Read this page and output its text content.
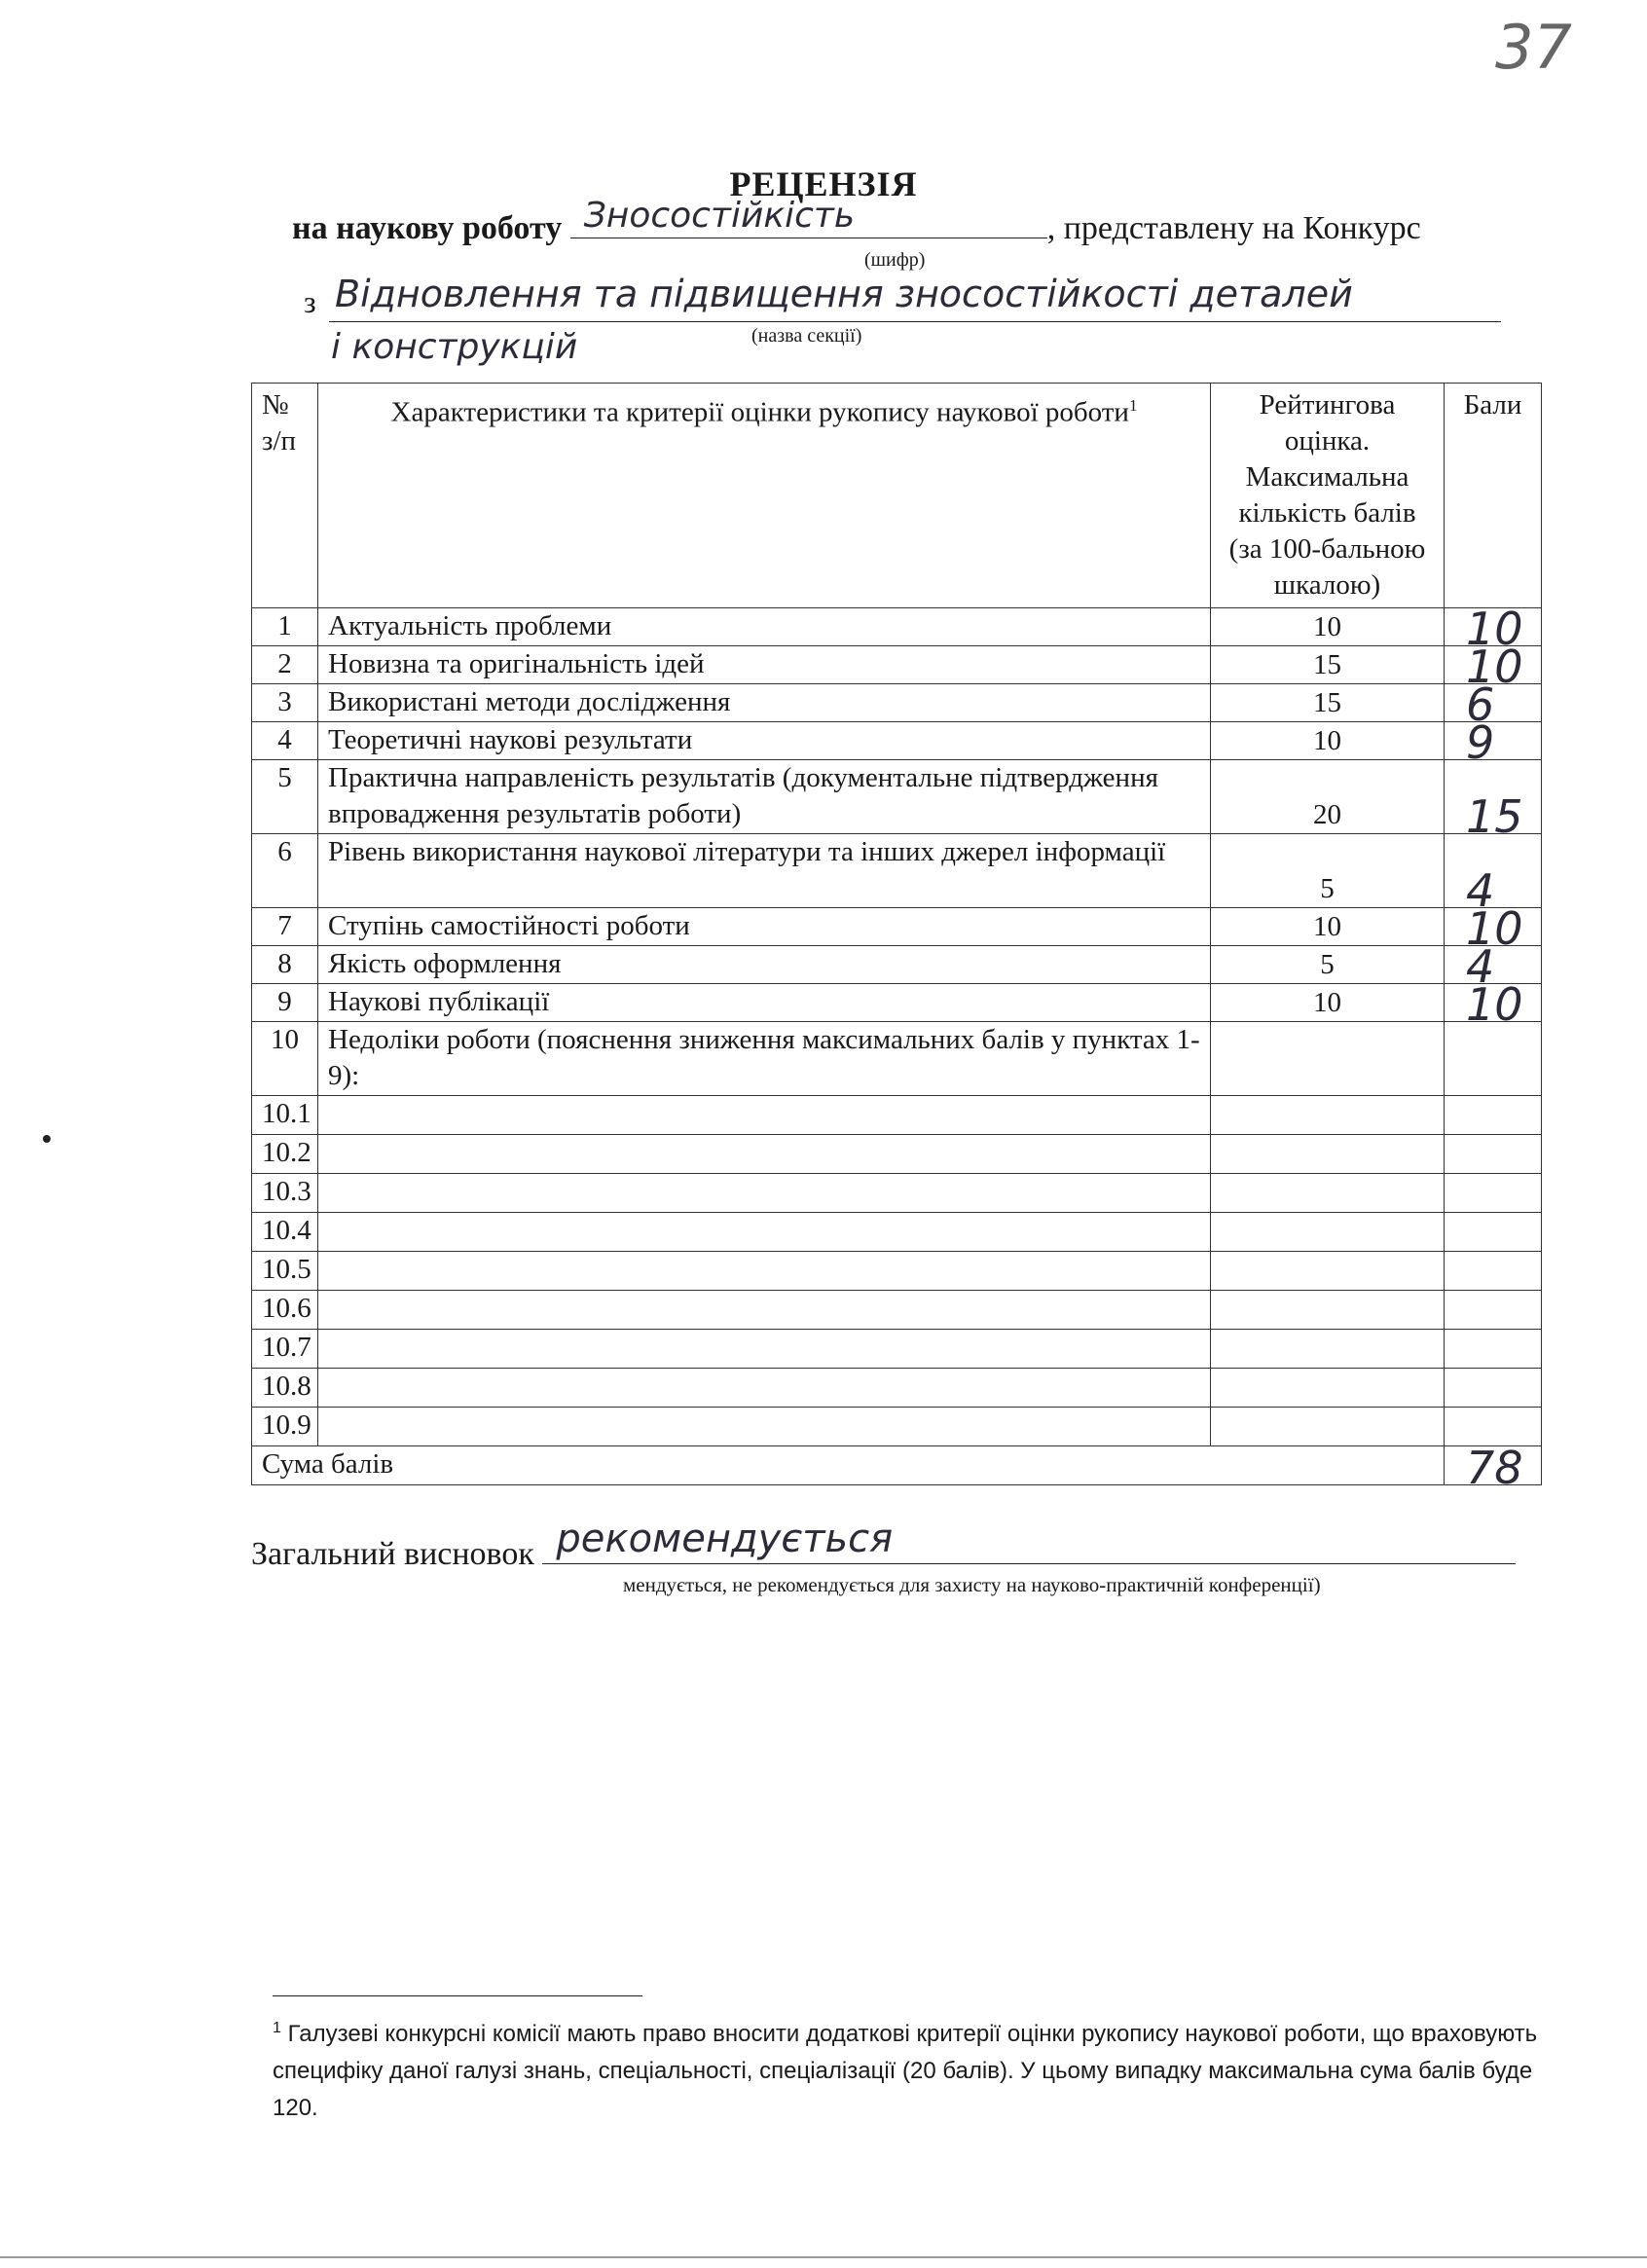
37
РЕЦЕНЗІЯ
на наукову роботу Зносостійкість	, представлену на Конкурс
(шифр)
з Відновлення та підвищення зносостійкості деталей
і конструкцій	(назва секції)
№ з/п	Характеристики та критерії оцінки рукопису наукової роботи$^1$	Рейтингова оцінка. Максимальна кількість балів (за 100-бальною шкалою)	Бали
1	Актуальність проблеми	10	10

2	Новизна та оригінальність ідей	15	10

3	Використані методи дослідження	15	6

4	Теоретичні наукові результати	10	9

5	Практична направленість результатів (документальне підтвердження впровадження результатів роботи)	20	15

6	Рівень використання наукової літератури та інших джерел інформації	5	4

7	Ступінь самостійності роботи	10	10

8	Якість оформлення	5	4

9	Наукові публікації	10	10

10	Недоліки роботи (пояснення зниження максимальних балів у пунктах 1-9):		
10.1			
10.2			
10.3			
10.4			
10.5			
10.6			
10.7			
10.8			
10.9			
Сума балів			78
Загальний висновок рекомендується
мендується, не рекомендується для захисту на науково-практичній конференції)
$^1$ Галузеві конкурсні комісії мають право вносити додаткові критерії оцінки рукопису наукової роботи, що враховують специфіку даної галузі знань, спеціальності, спеціалізації (20 балів). У цьому випадку максимальна сума балів буде 120.
